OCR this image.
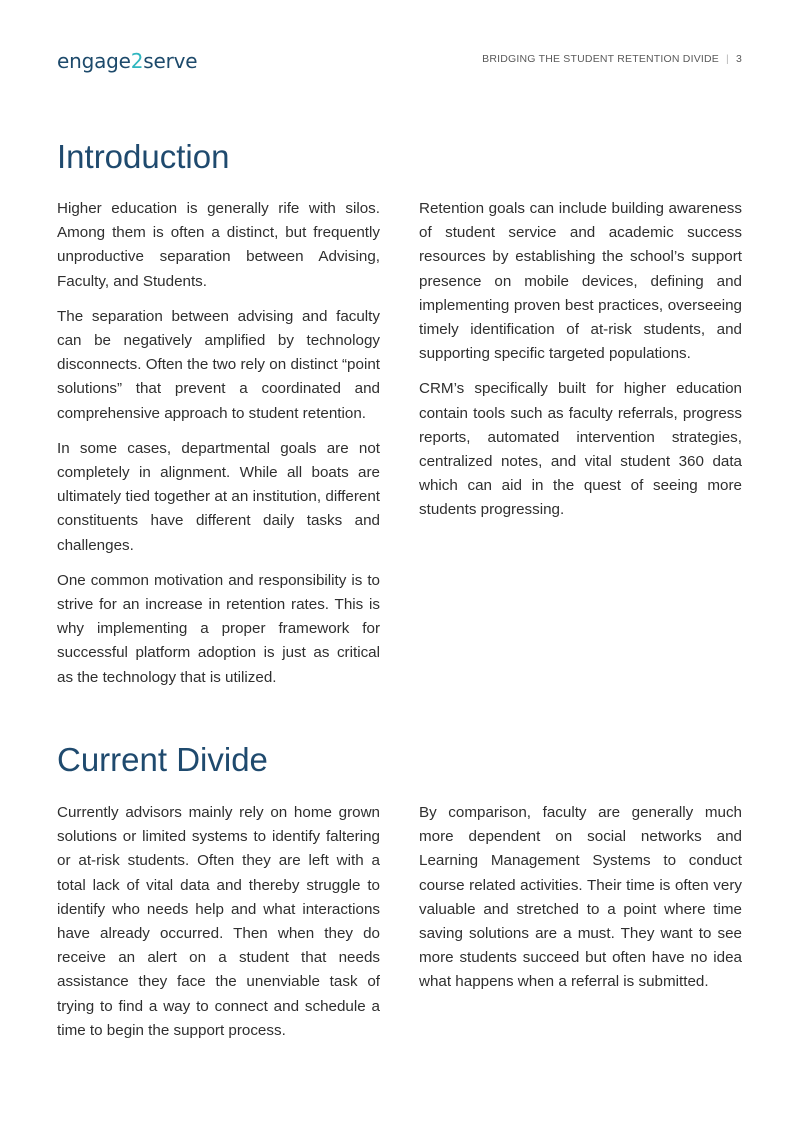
engage2serve	BRIDGING THE STUDENT RETENTION DIVIDE | 3
Introduction

Higher education is generally rife with silos. Among them is often a distinct, but frequently unproductive separation between Advising, Faculty, and Students.

The separation between advising and faculty can be negatively amplified by technology disconnects. Often the two rely on distinct “point solutions” that prevent a coordinated and comprehensive approach to student retention.

In some cases, departmental goals are not completely in alignment. While all boats are ultimately tied together at an institution, different constituents have different daily tasks and challenges.

One common motivation and responsibility is to strive for an increase in retention rates. This is why implementing a proper framework for successful platform adoption is just as critical as the technology that is utilized.

Retention goals can include building awareness of student service and academic success resources by establishing the school’s support presence on mobile devices, defining and implementing proven best practices, overseeing timely identification of at-risk students, and supporting specific targeted populations.

CRM’s specifically built for higher education contain tools such as faculty referrals, progress reports, automated intervention strategies, centralized notes, and vital student 360 data which can aid in the quest of seeing more students progressing.

Current Divide

Currently advisors mainly rely on home grown solutions or limited systems to identify faltering or at-risk students. Often they are left with a total lack of vital data and thereby struggle to identify who needs help and what interactions have already occurred. Then when they do receive an alert on a student that needs assistance they face the unenviable task of trying to find a way to connect and schedule a time to begin the support process.

By comparison, faculty are generally much more dependent on social networks and Learning Management Systems to conduct course related activities. Their time is often very valuable and stretched to a point where time saving solutions are a must. They want to see more students succeed but often have no idea what happens when a referral is submitted.
